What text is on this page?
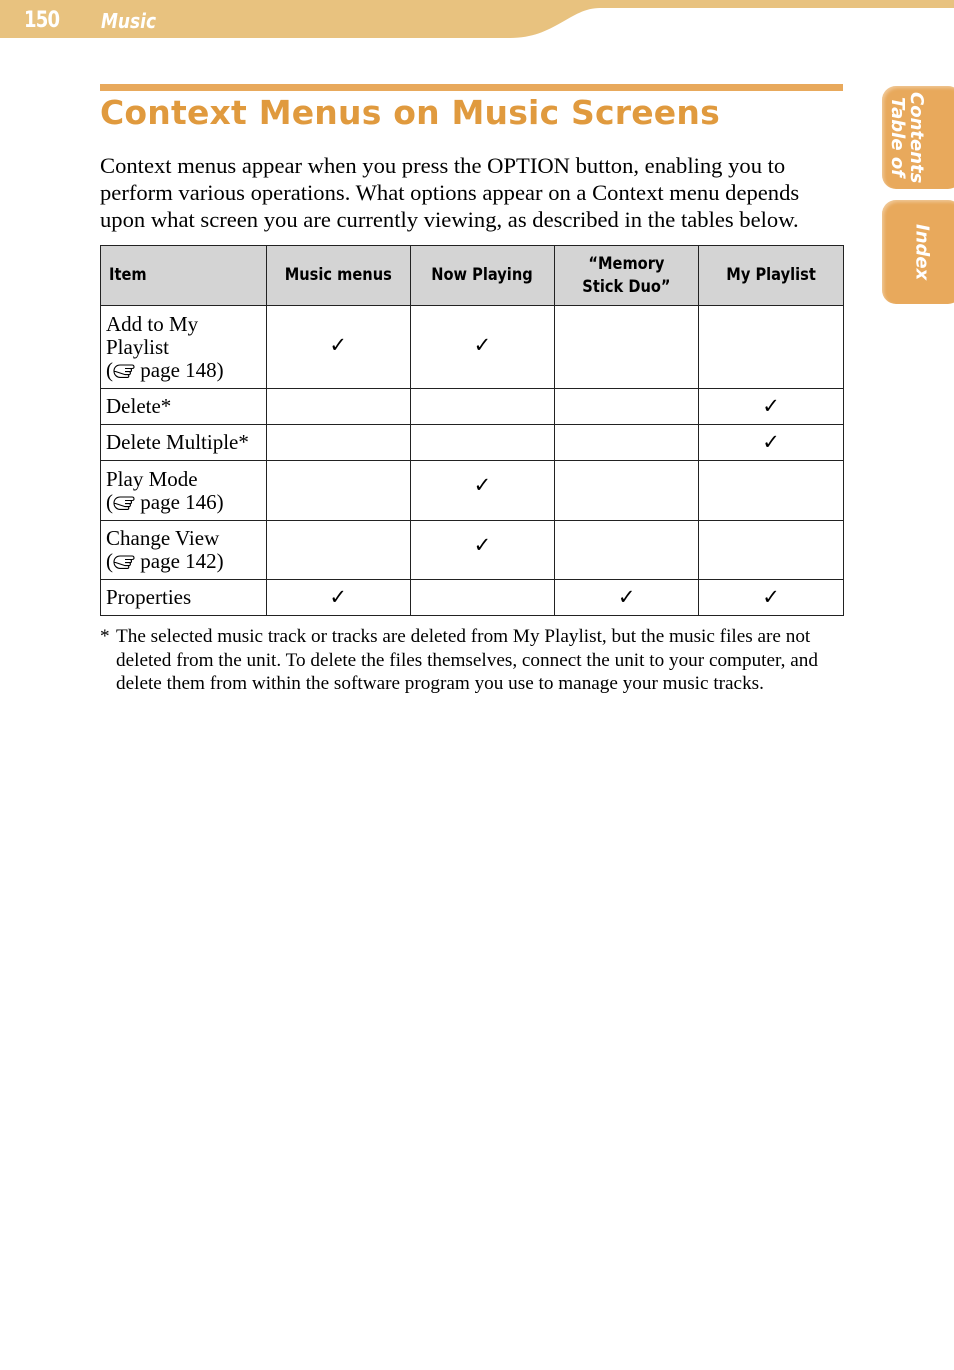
150 Music
Table of
Contents
Index
Context Menus on Music Screens

Context menus appear when you press the OPTION button, enabling you to perform various operations. What options appear on a Context menu depends upon what screen you are currently viewing, as described in the tables below.

Item	Music menus	Now Playing	“Memory Stick Duo”	My Playlist
Add to My Playlist
( page 148)	✓	✓		
Delete*				✓
Delete Multiple*				✓
Play Mode
( page 146)		✓		
Change View
( page 142)		✓		
Properties	✓		✓	✓
* The selected music track or tracks are deleted from My Playlist, but the music files are not deleted from the unit. To delete the files themselves, connect the unit to your computer, and delete them from within the software program you use to manage your music tracks.
